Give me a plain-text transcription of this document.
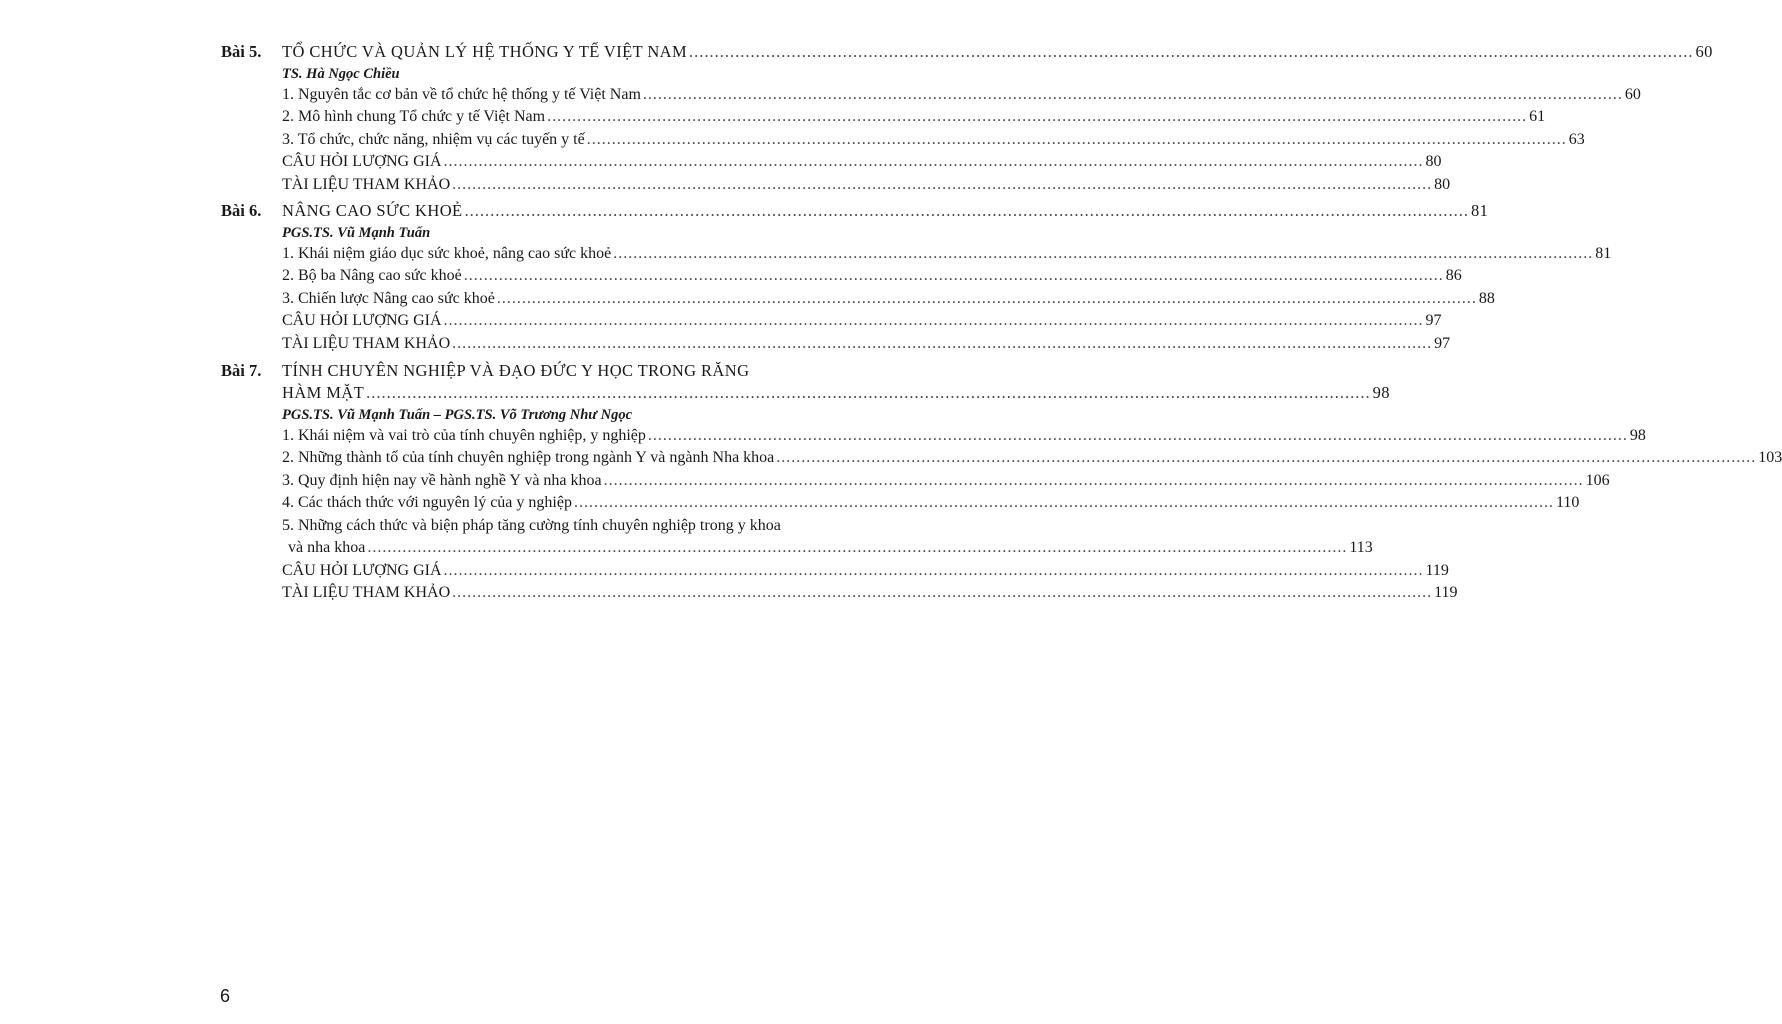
Bài 5. TỔ CHỨC VÀ QUẢN LÝ HỆ THỐNG Y TẾ VIỆT NAM .................................................................................................................................................................................................... 60
TS. Hà Ngọc Chiều
1. Nguyên tắc cơ bản về tổ chức hệ thống y tế Việt Nam .................................................................................................................................................................................................... 60
2. Mô hình chung Tổ chức y tế Việt Nam .................................................................................................................................................................................................... 61
3. Tổ chức, chức năng, nhiệm vụ các tuyến y tế .................................................................................................................................................................................................... 63
CÂU HỎI LƯỢNG GIÁ .................................................................................................................................................................................................... 80
TÀI LIỆU THAM KHẢO .................................................................................................................................................................................................... 80
Bài 6. NÂNG CAO SỨC KHOẺ .................................................................................................................................................................................................... 81
PGS.TS. Vũ Mạnh Tuấn
1. Khái niệm giáo dục sức khoẻ, nâng cao sức khoẻ .................................................................................................................................................................................................... 81
2. Bộ ba Nâng cao sức khoẻ .................................................................................................................................................................................................... 86
3. Chiến lược Nâng cao sức khoẻ .................................................................................................................................................................................................... 88
CÂU HỎI LƯỢNG GIÁ .................................................................................................................................................................................................... 97
TÀI LIỆU THAM KHẢO .................................................................................................................................................................................................... 97
Bài 7. TÍNH CHUYÊN NGHIỆP VÀ ĐẠO ĐỨC Y HỌC TRONG RĂNG
HÀM MẶT .................................................................................................................................................................................................... 98
PGS.TS. Vũ Mạnh Tuấn – PGS.TS. Võ Trương Như Ngọc
1. Khái niệm và vai trò của tính chuyên nghiệp, y nghiệp .................................................................................................................................................................................................... 98
2. Những thành tố của tính chuyên nghiệp trong ngành Y và ngành Nha khoa .................................................................................................................................................................................................... 103
3. Quy định hiện nay về hành nghề Y và nha khoa .................................................................................................................................................................................................... 106
4. Các thách thức với nguyên lý của y nghiệp .................................................................................................................................................................................................... 110
5. Những cách thức và biện pháp tăng cường tính chuyên nghiệp trong y khoa
và nha khoa .................................................................................................................................................................................................... 113
CÂU HỎI LƯỢNG GIÁ .................................................................................................................................................................................................... 119
TÀI LIỆU THAM KHẢO .................................................................................................................................................................................................... 119
6
